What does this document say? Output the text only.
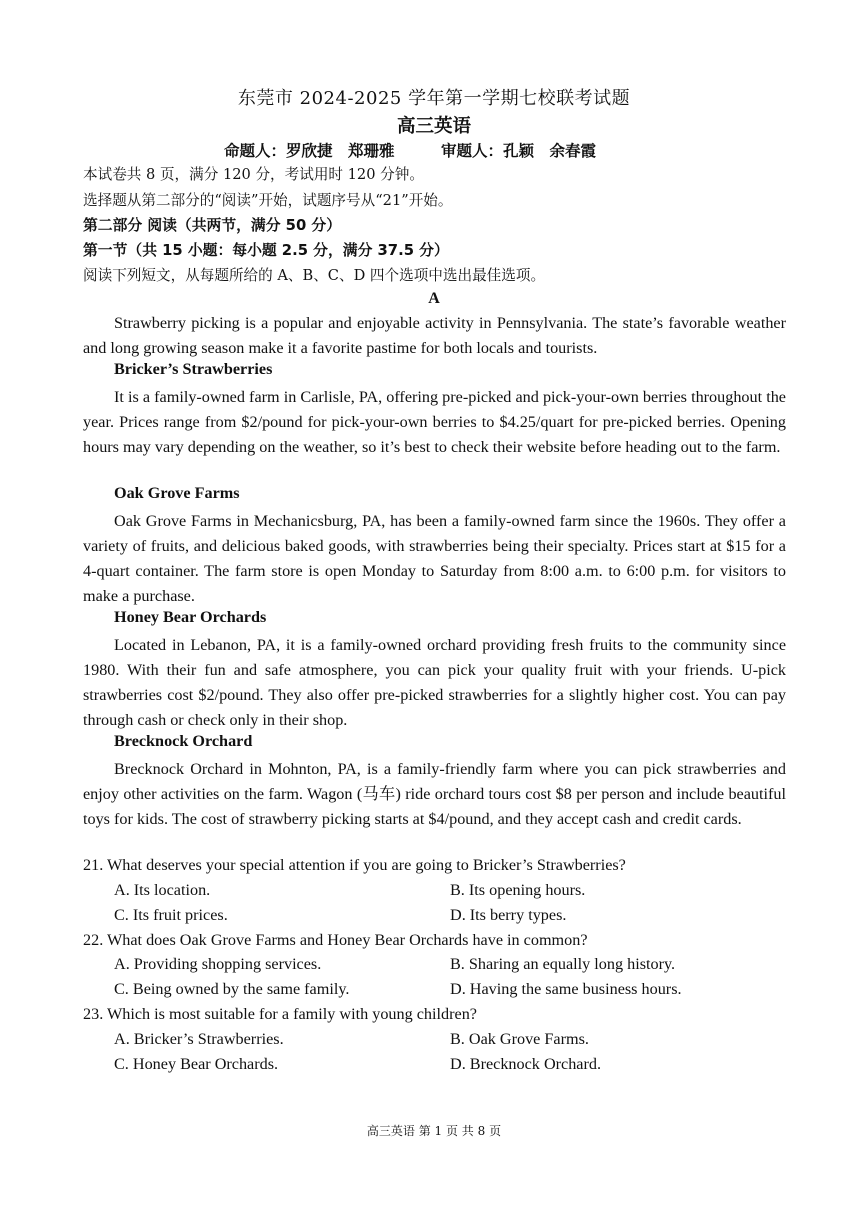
东莞市 2024-2025 学年第一学期七校联考试题
高三英语
命题人：罗欣捷　郑珊雅　　　审题人：孔颖　余春霞
本试卷共 8 页，满分 120 分，考试用时 120 分钟。
选择题从第二部分的“阅读”开始，试题序号从“21”开始。
第二部分 阅读（共两节，满分 50 分）
第一节（共 15 小题：每小题 2.5 分，满分 37.5 分）
阅读下列短文，从每题所给的 A、B、C、D 四个选项中选出最佳选项。
A
Strawberry picking is a popular and enjoyable activity in Pennsylvania. The state’s favorable weather and long growing season make it a favorite pastime for both locals and tourists.
Bricker’s Strawberries
It is a family-owned farm in Carlisle, PA, offering pre-picked and pick-your-own berries throughout the year. Prices range from $2/pound for pick-your-own berries to $4.25/quart for pre-picked berries. Opening hours may vary depending on the weather, so it’s best to check their website before heading out to the farm.
Oak Grove Farms
Oak Grove Farms in Mechanicsburg, PA, has been a family-owned farm since the 1960s. They offer a variety of fruits, and delicious baked goods, with strawberries being their specialty. Prices start at $15 for a 4-quart container. The farm store is open Monday to Saturday from 8:00 a.m. to 6:00 p.m. for visitors to make a purchase.
Honey Bear Orchards
Located in Lebanon, PA, it is a family-owned orchard providing fresh fruits to the community since 1980. With their fun and safe atmosphere, you can pick your quality fruit with your friends. U-pick strawberries cost $2/pound. They also offer pre-picked strawberries for a slightly higher cost. You can pay through cash or check only in their shop.
Brecknock Orchard
Brecknock Orchard in Mohnton, PA, is a family-friendly farm where you can pick strawberries and enjoy other activities on the farm. Wagon (马车) ride orchard tours cost $8 per person and include beautiful toys for kids. The cost of strawberry picking starts at $4/pound, and they accept cash and credit cards.
21. What deserves your special attention if you are going to Bricker’s Strawberries?
A. Its location.	B. Its opening hours.
C. Its fruit prices.	D. Its berry types.
22. What does Oak Grove Farms and Honey Bear Orchards have in common?
A. Providing shopping services.	B. Sharing an equally long history.
C. Being owned by the same family.	D. Having the same business hours.
23. Which is most suitable for a family with young children?
A. Bricker’s Strawberries.	B. Oak Grove Farms.
C. Honey Bear Orchards.	D. Brecknock Orchard.
高三英语 第 1 页 共 8 页
